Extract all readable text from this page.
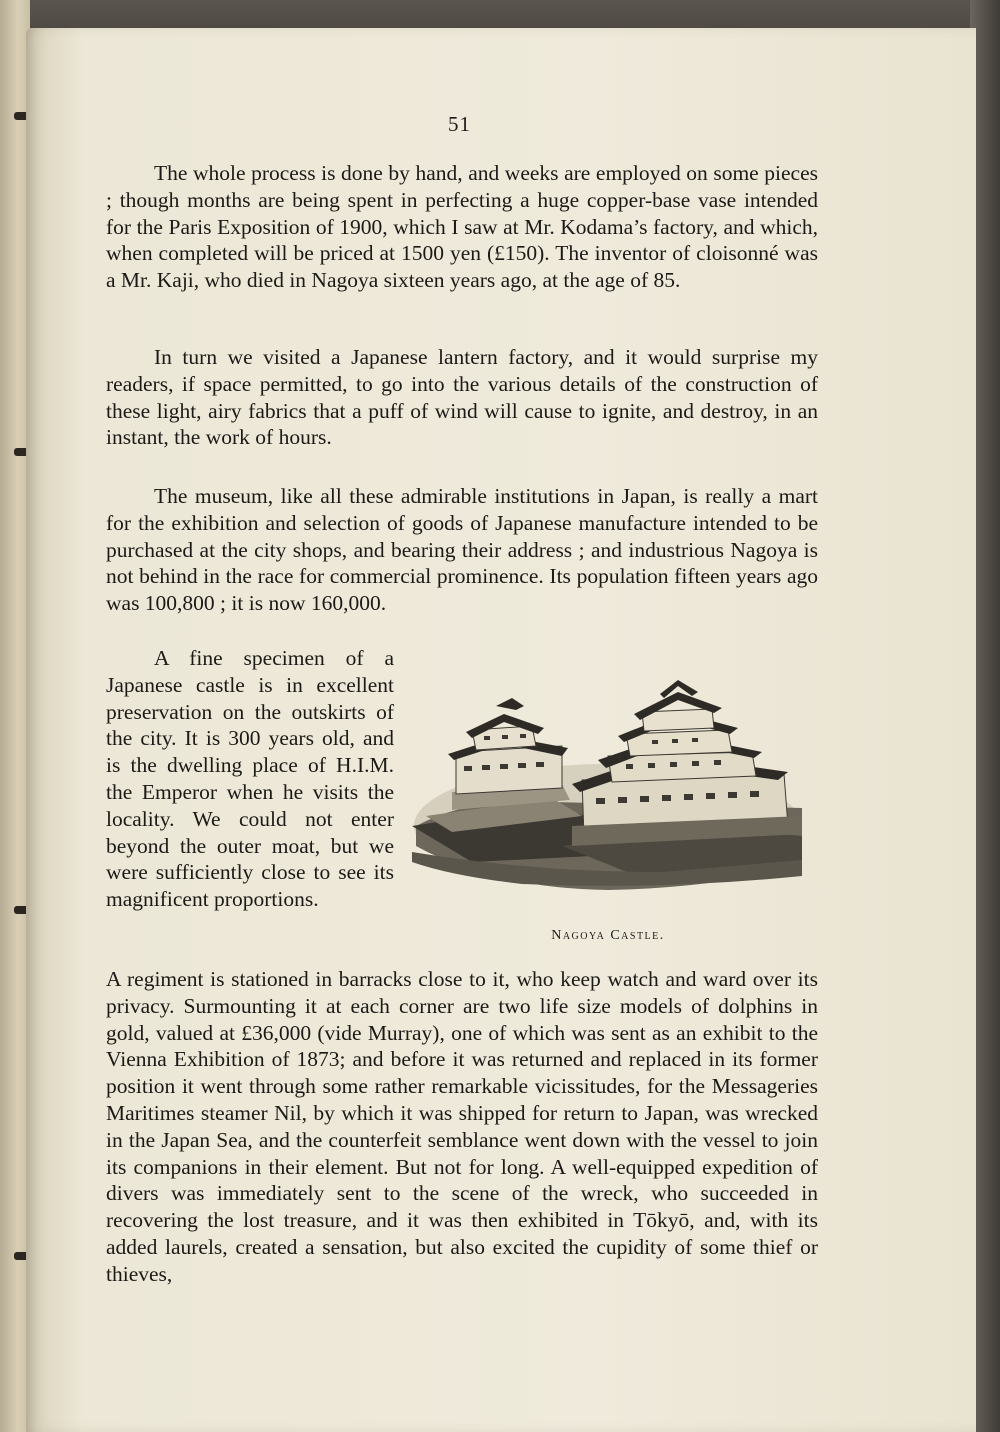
51

The whole process is done by hand, and weeks are employed on some pieces ; though months are being spent in perfecting a huge copper-base vase intended for the Paris Exposition of 1900, which I saw at Mr. Kodama’s factory, and which, when completed will be priced at 1500 yen (£150). The inventor of cloisonné was a Mr. Kaji, who died in Nagoya sixteen years ago, at the age of 85.

In turn we visited a Japanese lantern factory, and it would surprise my readers, if space permitted, to go into the various details of the construction of these light, airy fabrics that a puff of wind will cause to ignite, and destroy, in an instant, the work of hours.

The museum, like all these admirable institutions in Japan, is really a mart for the exhibition and selection of goods of Japanese manufacture intended to be purchased at the city shops, and bearing their address ; and industrious Nagoya is not behind in the race for commercial prominence. Its population fifteen years ago was 100,800 ; it is now 160,000.

A fine specimen of a Japanese castle is in excellent preservation on the outskirts of the city. It is 300 years old, and is the dwelling place of H.I.M. the Emperor when he visits the locality. We could not enter beyond the outer moat, but we were sufficiently close to see its magnificent proportions.

Nagoya Castle.

A regiment is stationed in barracks close to it, who keep watch and ward over its privacy. Surmounting it at each corner are two life size models of dolphins in gold, valued at £36,000 (vide Murray), one of which was sent as an exhibit to the Vienna Exhibition of 1873; and before it was returned and replaced in its former position it went through some rather remarkable vicissitudes, for the Messageries Maritimes steamer Nil, by which it was shipped for return to Japan, was wrecked in the Japan Sea, and the counterfeit semblance went down with the vessel to join its companions in their element. But not for long. A well-equipped expedition of divers was immediately sent to the scene of the wreck, who succeeded in recovering the lost treasure, and it was then exhibited in Tōkyō, and, with its added laurels, created a sensation, but also excited the cupidity of some thief or thieves,
